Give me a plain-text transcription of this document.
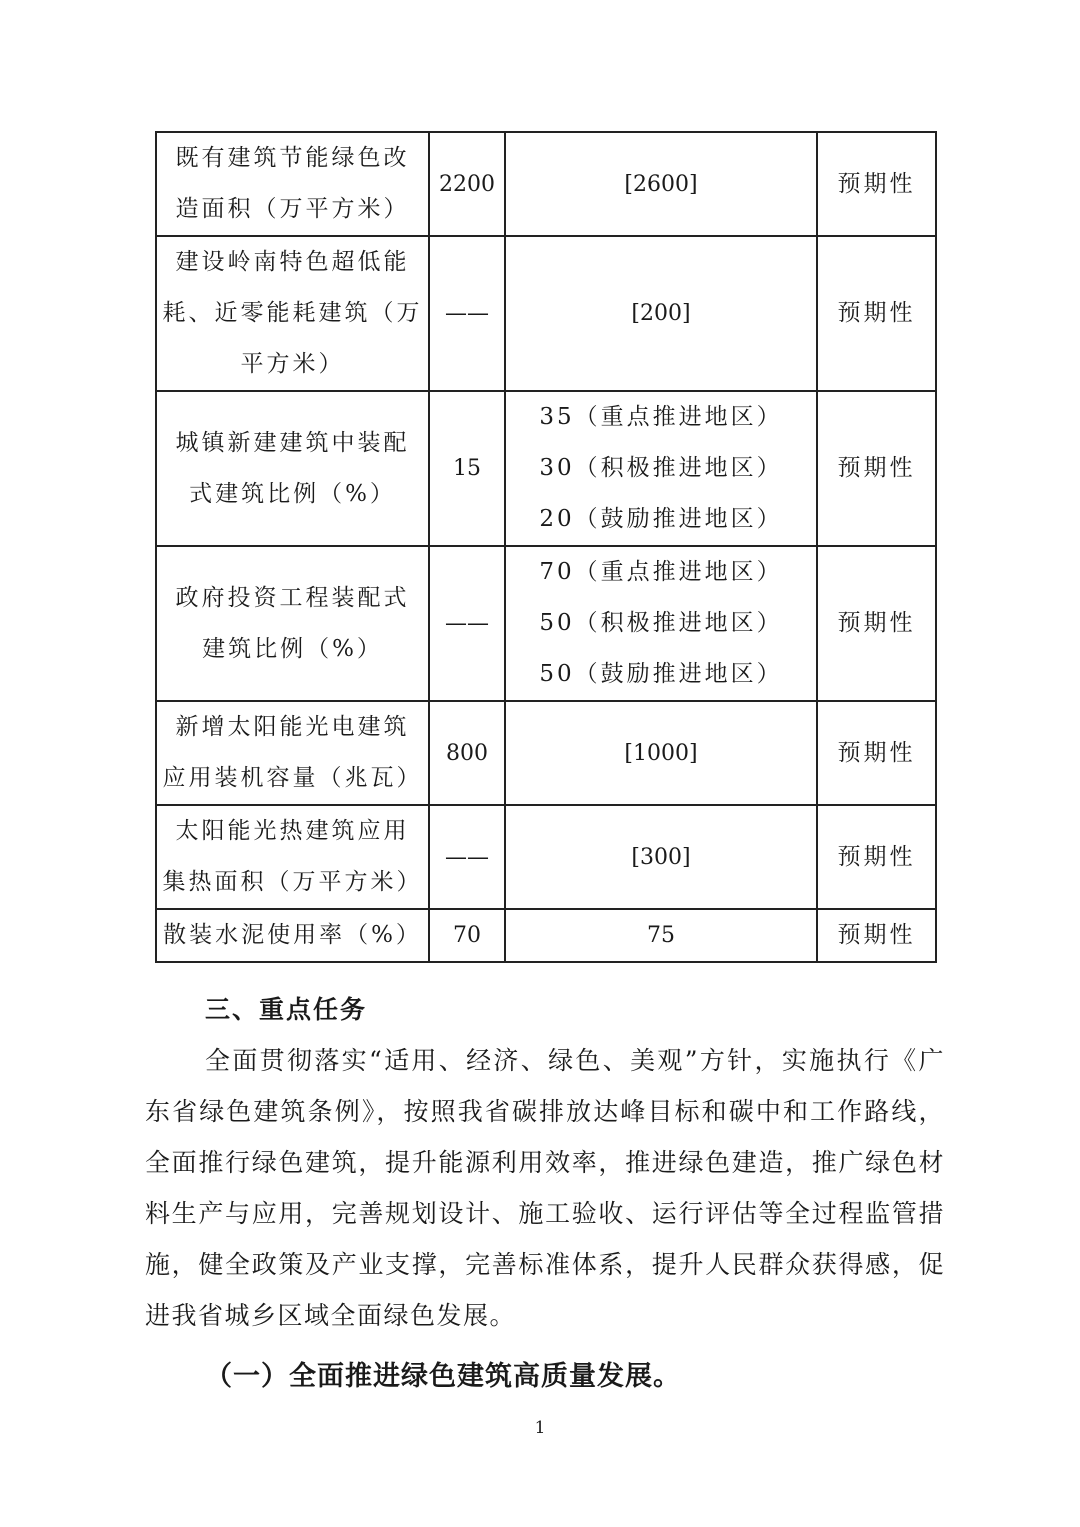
既有建筑节能绿色改
造面积（万平方米）	2200	[2600]	预期性

建设岭南特色超低能
耗、近零能耗建筑（万
平方米）	——	[200]	预期性

城镇新建建筑中装配
式建筑比例（%）	15	35（重点推进地区）
30（积极推进地区）
20（鼓励推进地区）	预期性

政府投资工程装配式
建筑比例（%）	——	70（重点推进地区）
50（积极推进地区）
50（鼓励推进地区）	预期性

新增太阳能光电建筑
应用装机容量（兆瓦）	800	[1000]	预期性

太阳能光热建筑应用
集热面积（万平方米）	——	[300]	预期性

散装水泥使用率（%）	70	75	预期性
三、重点任务

全面贯彻落实“适用、经济、绿色、美观”方针，实施执行《广东省绿色建筑条例》，按照我省碳排放达峰目标和碳中和工作路线，全面推行绿色建筑，提升能源利用效率，推进绿色建造，推广绿色材料生产与应用，完善规划设计、施工验收、运行评估等全过程监管措施，健全政策及产业支撑，完善标准体系，提升人民群众获得感，促进我省城乡区域全面绿色发展。

（一）全面推进绿色建筑高质量发展。
1
